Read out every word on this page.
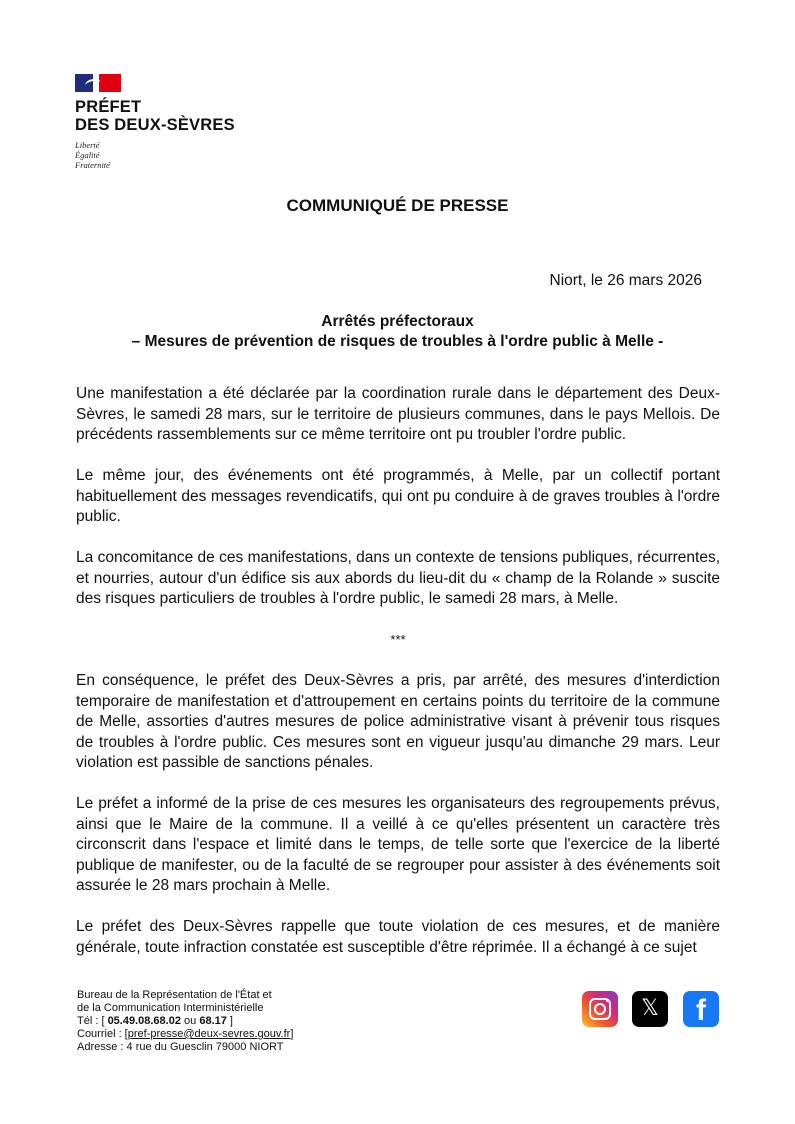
PRÉFET
DES DEUX-SÈVRES
Liberté
Égalité
Fraternité
COMMUNIQUÉ DE PRESSE
Niort, le 26 mars 2026
Arrêtés préfectoraux
– Mesures de prévention de risques de troubles à l'ordre public à Melle -

Une manifestation a été déclarée par la coordination rurale dans le département des Deux-Sèvres, le samedi 28 mars, sur le territoire de plusieurs communes, dans le pays Mellois. De précédents rassemblements sur ce même territoire ont pu troubler l'ordre public.

Le même jour, des événements ont été programmés, à Melle, par un collectif portant habituellement des messages revendicatifs, qui ont pu conduire à de graves troubles à l'ordre public.

La concomitance de ces manifestations, dans un contexte de tensions publiques, récurrentes, et nourries, autour d'un édifice sis aux abords du lieu-dit du « champ de la Rolande » suscite des risques particuliers de troubles à l'ordre public, le samedi 28 mars, à Melle.

***

En conséquence, le préfet des Deux-Sèvres a pris, par arrêté, des mesures d'interdiction temporaire de manifestation et d'attroupement en certains points du territoire de la commune de Melle, assorties d'autres mesures de police administrative visant à prévenir tous risques de troubles à l'ordre public. Ces mesures sont en vigueur jusqu'au dimanche 29 mars. Leur violation est passible de sanctions pénales.

Le préfet a informé de la prise de ces mesures les organisateurs des regroupements prévus, ainsi que le Maire de la commune. Il a veillé à ce qu'elles présentent un caractère très circonscrit dans l'espace et limité dans le temps, de telle sorte que l'exercice de la liberté publique de manifester, ou de la faculté de se regrouper pour assister à des événements soit assurée le 28 mars prochain à Melle.

Le préfet des Deux-Sèvres rappelle que toute violation de ces mesures, et de manière générale, toute infraction constatée est susceptible d'être réprimée. Il a échangé à ce sujet

Bureau de la Représentation de l'État et
de la Communication Interministérielle
Tél : [ 05.49.08.68.02 ou 68.17 ]
Courriel : [pref-presse@deux-sevres.gouv.fr]
Adresse : 4 rue du Guesclin 79000 NIORT
𝕏	f
